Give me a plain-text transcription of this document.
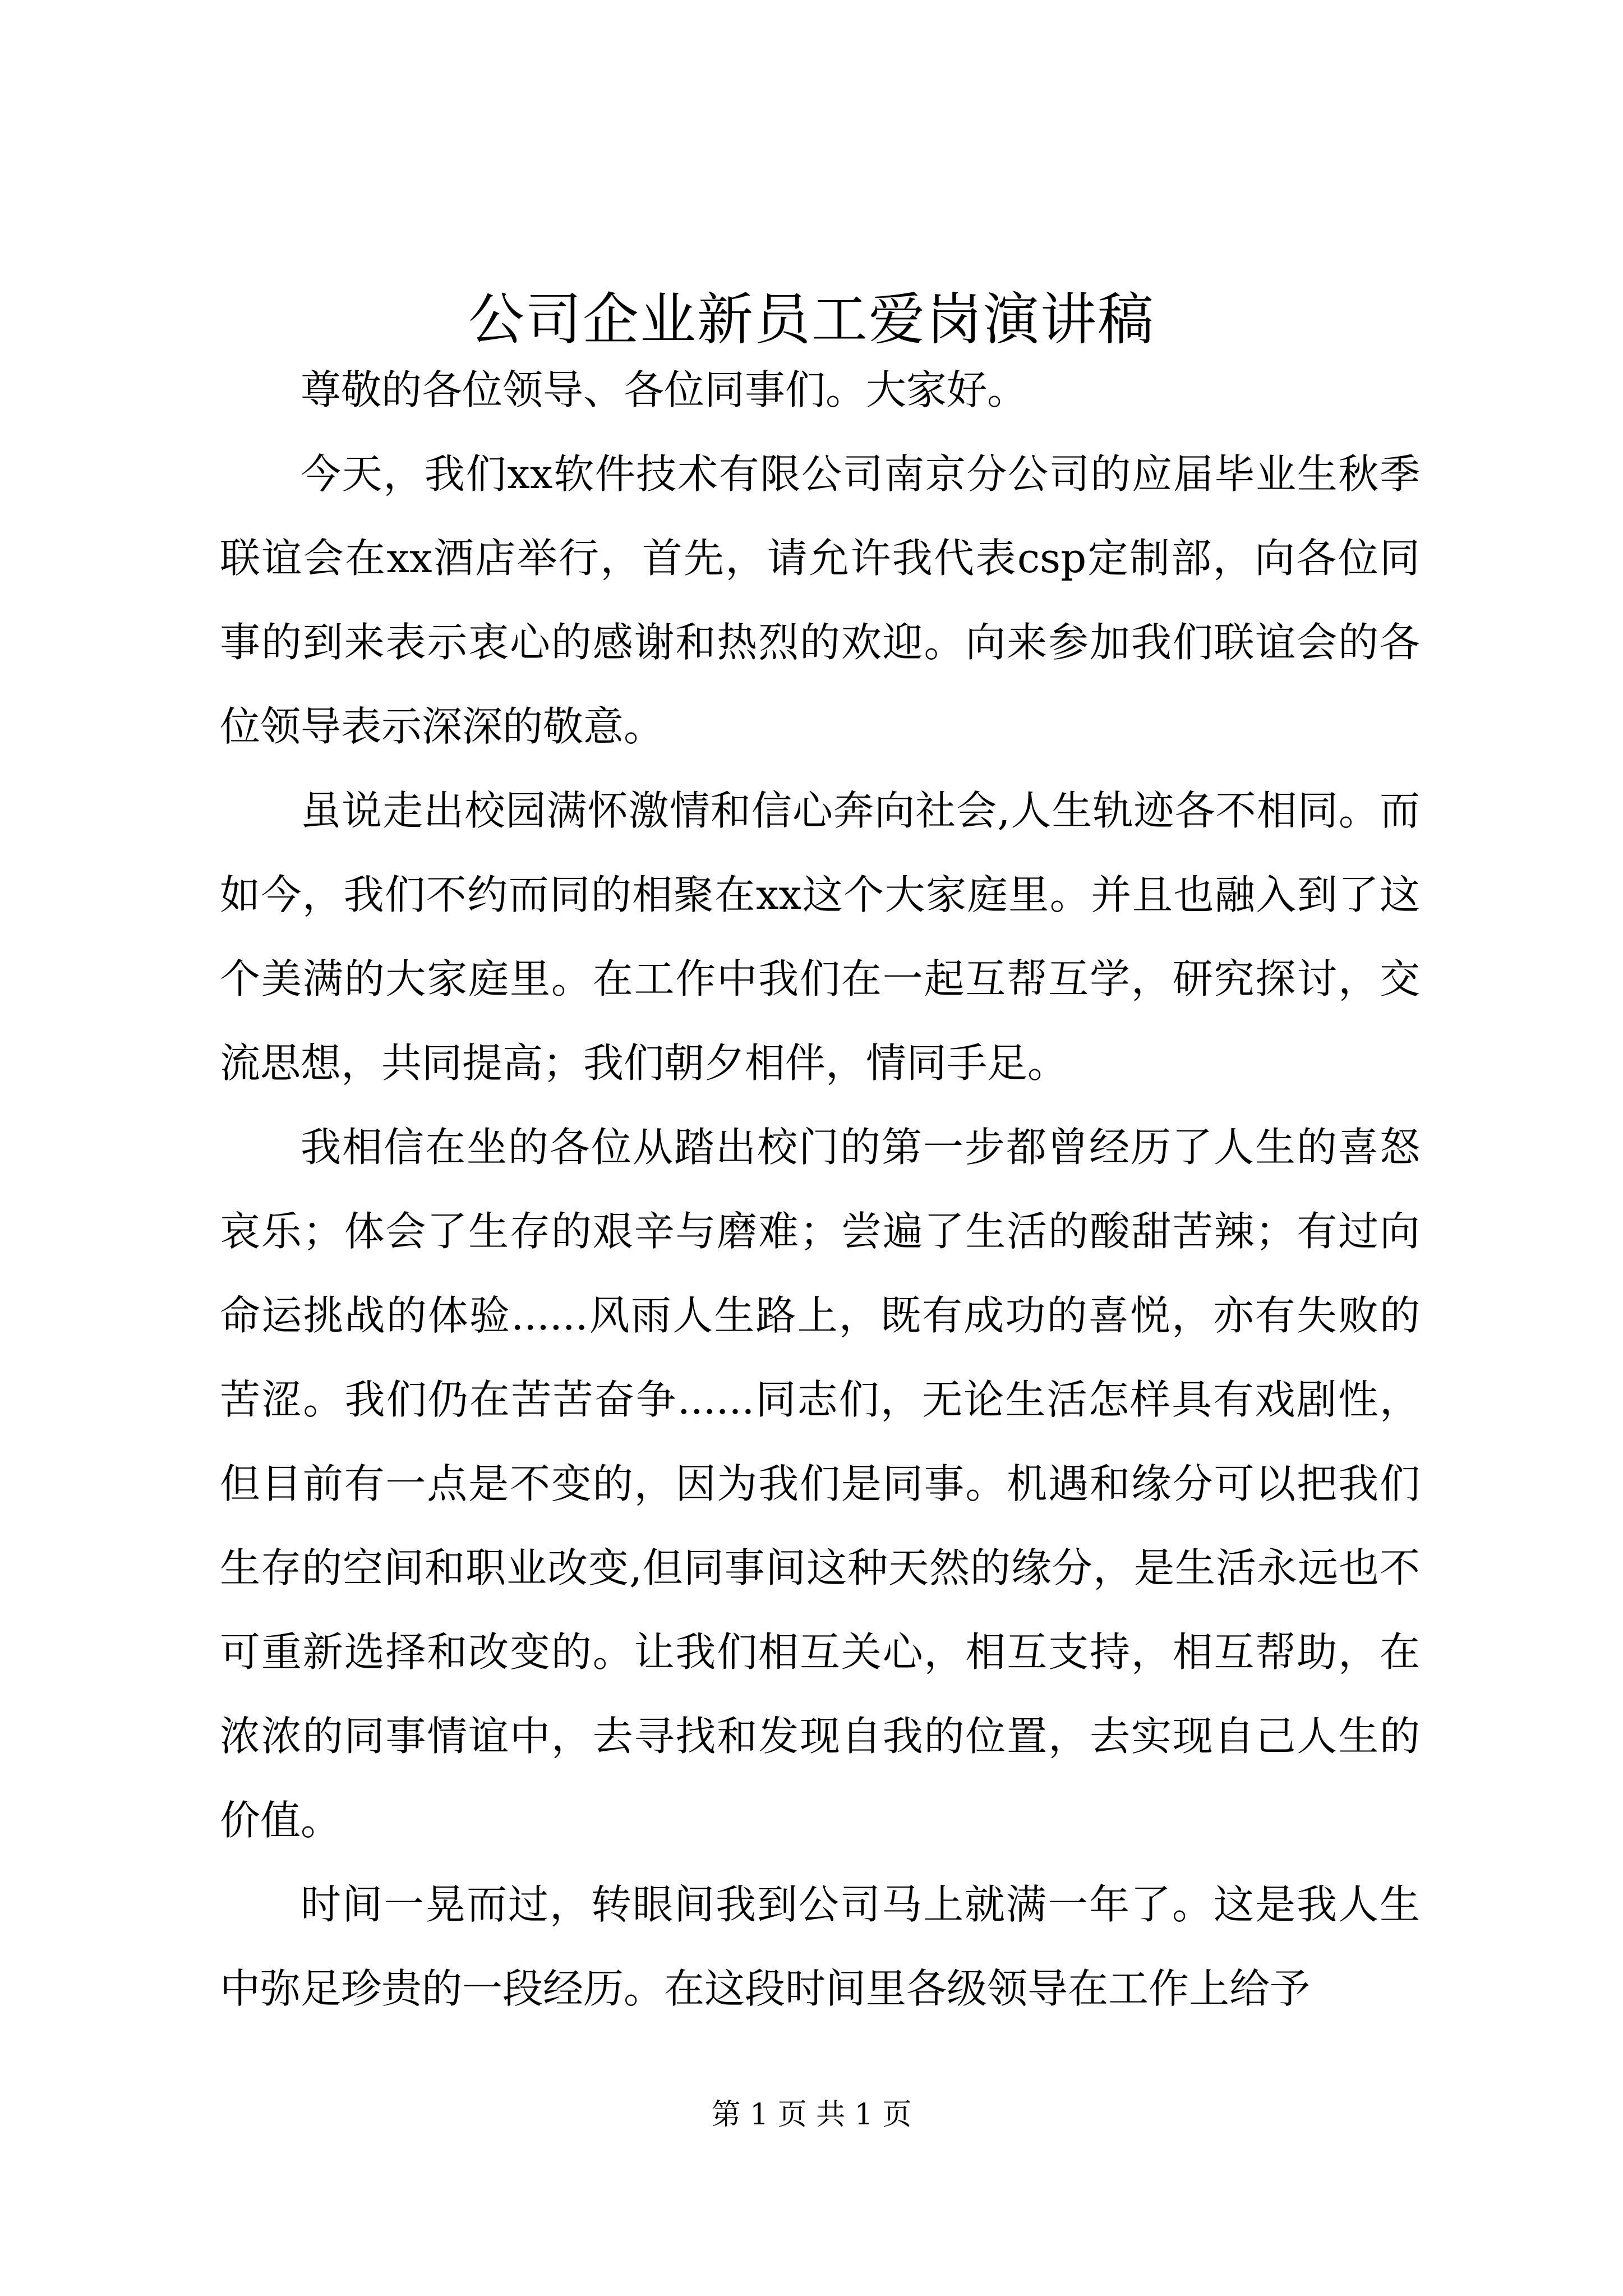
公司企业新员工爱岗演讲稿

尊敬的各位领导、各位同事们。大家好。

今天，我们xx软件技术有限公司南京分公司的应届毕业生秋季联谊会在xx酒店举行，首先，请允许我代表csp定制部，向各位同事的到来表示衷心的感谢和热烈的欢迎。向来参加我们联谊会的各位领导表示深深的敬意。

虽说走出校园满怀激情和信心奔向社会,人生轨迹各不相同。而如今，我们不约而同的相聚在xx这个大家庭里。并且也融入到了这个美满的大家庭里。在工作中我们在一起互帮互学，研究探讨，交流思想，共同提高；我们朝夕相伴，情同手足。

我相信在坐的各位从踏出校门的第一步都曾经历了人生的喜怒哀乐；体会了生存的艰辛与磨难；尝遍了生活的酸甜苦辣；有过向命运挑战的体验......风雨人生路上，既有成功的喜悦，亦有失败的苦涩。我们仍在苦苦奋争......同志们，无论生活怎样具有戏剧性，但目前有一点是不变的，因为我们是同事。机遇和缘分可以把我们生存的空间和职业改变,但同事间这种天然的缘分，是生活永远也不可重新选择和改变的。让我们相互关心，相互支持，相互帮助，在浓浓的同事情谊中，去寻找和发现自我的位置，去实现自己人生的价值。

时间一晃而过，转眼间我到公司马上就满一年了。这是我人生中弥足珍贵的一段经历。在这段时间里各级领导在工作上给予

第 1 页 共 1 页
